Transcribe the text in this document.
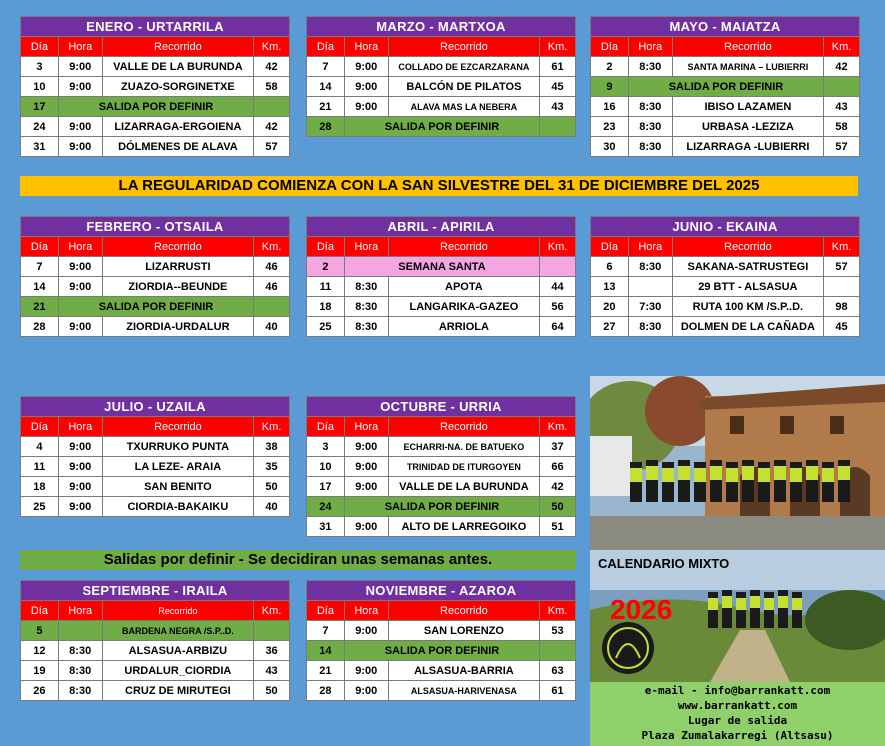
ENERO - URTARRILA			
Día	Hora	Recorrido	Km.
3	9:00	VALLE DE LA BURUNDA	42
10	9:00	ZUAZO-SORGINETXE	58
17	SALIDA POR DEFINIR		
24	9:00	LIZARRAGA-ERGOIENA	42
31	9:00	DÓLMENES DE ALAVA	57
MARZO - MARTXOA			
Día	Hora	Recorrido	Km.
7	9:00	COLLADO DE EZCARZARANA	61
14	9:00	BALCÓN DE PILATOS	45
21	9:00	ALAVA MAS LA NEBERA	43
28	SALIDA POR DEFINIR		
MAYO - MAIATZA			
Día	Hora	Recorrido	Km.
2	8:30	SANTA MARINA – LUBIERRI	42
9	SALIDA POR DEFINIR		
16	8:30	IBISO LAZAMEN	43
23	8:30	URBASA -LEZIZA	58
30	8:30	LIZARRAGA -LUBIERRI	57
LA REGULARIDAD COMIENZA CON LA SAN SILVESTRE DEL 31 DE DICIEMBRE DEL 2025
FEBRERO - OTSAILA			
Día	Hora	Recorrido	Km.
7	9:00	LIZARRUSTI	46
14	9:00	ZIORDIA--BEUNDE	46
21	SALIDA POR DEFINIR		
28	9:00	ZIORDIA-URDALUR	40
ABRIL - APIRILA			
Día	Hora	Recorrido	Km.
2	SEMANA SANTA		
11	8:30	APOTA	44
18	8:30	LANGARIKA-GAZEO	56
25	8:30	ARRIOLA	64
JUNIO - EKAINA			
Día	Hora	Recorrido	Km.
6	8:30	SAKANA-SATRUSTEGI	57
13		29 BTT - ALSASUA	
20	7:30	RUTA 100 KM /S.P..D.	98
27	8:30	DOLMEN DE LA CAÑADA	45
JULIO - UZAILA			
Día	Hora	Recorrido	Km.
4	9:00	TXURRUKO PUNTA	38
11	9:00	LA LEZE- ARAIA	35
18	9:00	SAN BENITO	50
25	9:00	CIORDIA-BAKAIKU	40
OCTUBRE - URRIA			
Día	Hora	Recorrido	Km.
3	9:00	ECHARRI-NA. DE BATUEKO	37
10	9:00	TRINIDAD DE ITURGOYEN	66
17	9:00	VALLE DE LA BURUNDA	42
24	SALIDA POR DEFINIR		50
31	9:00	ALTO DE LARREGOIKO	51
Salidas por definir - Se decidiran unas semanas antes.
SEPTIEMBRE - IRAILA			
Día	Hora	Recorrido	Km.
5		BARDENA NEGRA /S.P..D.	
12	8:30	ALSASUA-ARBIZU	36
19	8:30	URDALUR_CIORDIA	43
26	8:30	CRUZ DE MIRUTEGI	50
NOVIEMBRE - AZAROA			
Día	Hora	Recorrido	Km.
7	9:00	SAN LORENZO	53
14	SALIDA POR DEFINIR		
21	9:00	ALSASUA-BARRIA	63
28	9:00	ALSASUA-HARIVENASA	61
CALENDARIO MIXTO
2026
e-mail - info@barrankatt.com
www.barrankatt.com
Lugar de salida
Plaza Zumalakarregi (Altsasu)
